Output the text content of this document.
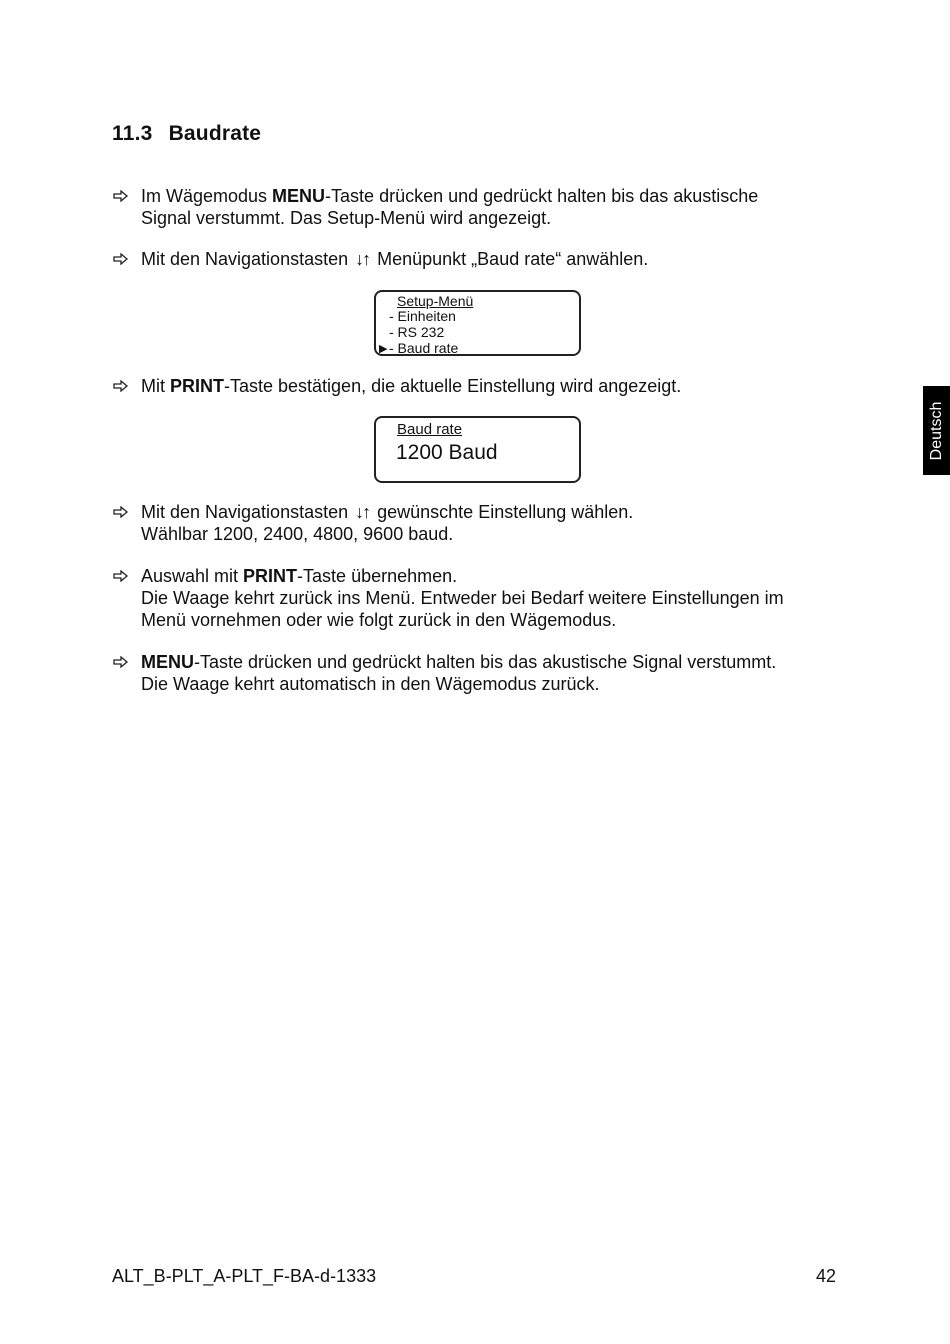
11.3 Baudrate
Im Wägemodus MENU-Taste drücken und gedrückt halten bis das akustische
Signal verstummt. Das Setup-Menü wird angezeigt.
Mit den Navigationstasten ↓↑ Menüpunkt „Baud rate“ anwählen.
Setup-Menü
- Einheiten
- RS 232
▶ - Baud rate
Mit PRINT-Taste bestätigen, die aktuelle Einstellung wird angezeigt.
Baud rate
1200 Baud
Mit den Navigationstasten ↓↑ gewünschte Einstellung wählen.
Wählbar 1200, 2400, 4800, 9600 baud.
Auswahl mit PRINT-Taste übernehmen.
Die Waage kehrt zurück ins Menü. Entweder bei Bedarf weitere Einstellungen im
Menü vornehmen oder wie folgt zurück in den Wägemodus.
MENU-Taste drücken und gedrückt halten bis das akustische Signal verstummt.
Die Waage kehrt automatisch in den Wägemodus zurück.
Deutsch
ALT_B-PLT_A-PLT_F-BA-d-1333	42
